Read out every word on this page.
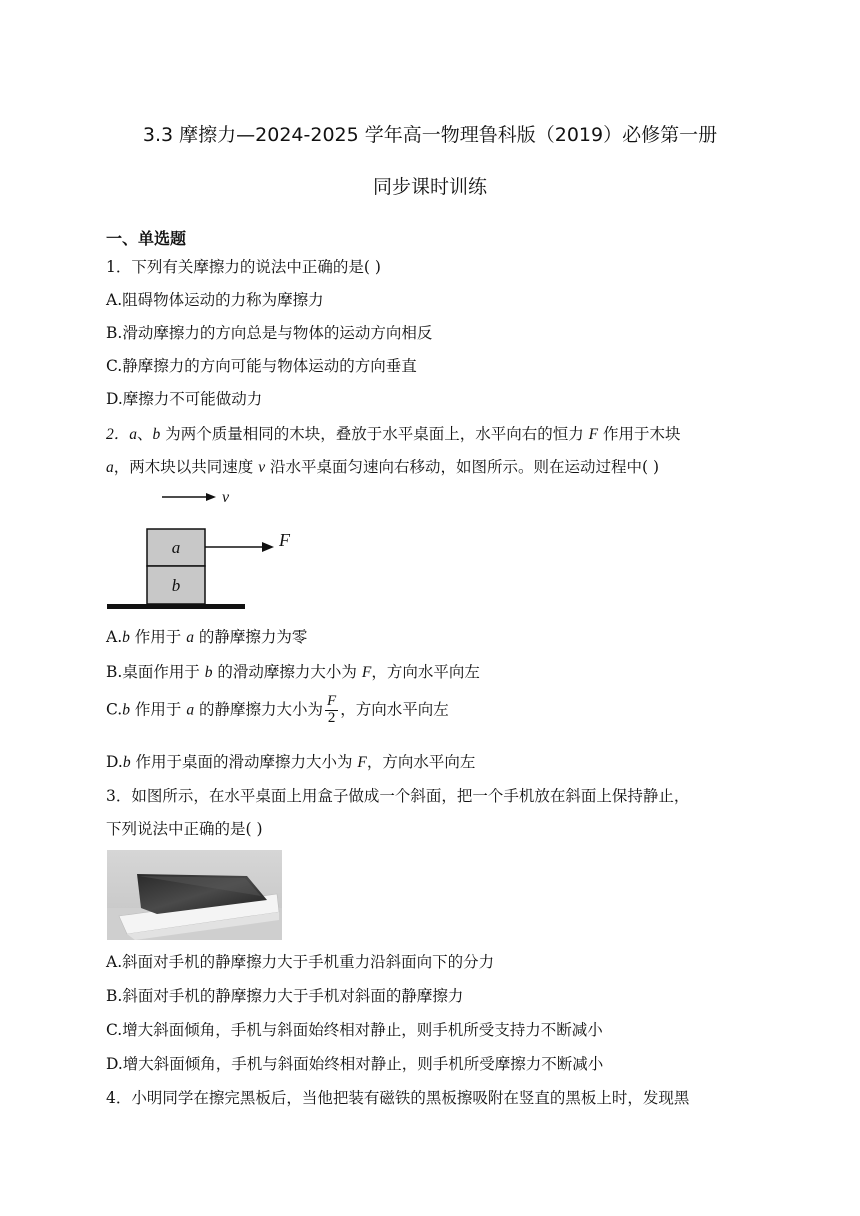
3.3 摩擦力—2024-2025 学年高一物理鲁科版（2019）必修第一册
同步课时训练
一、单选题
1．下列有关摩擦力的说法中正确的是( )
A.阻碍物体运动的力称为摩擦力
B.滑动摩擦力的方向总是与物体的运动方向相反
C.静摩擦力的方向可能与物体运动的方向垂直
D.摩擦力不可能做动力
2．a、b 为两个质量相同的木块，叠放于水平桌面上，水平向右的恒力 F 作用于木块
a，两木块以共同速度 v 沿水平桌面匀速向右移动，如图所示。则在运动过程中( )
v
a
b
F
A.b 作用于 a 的静摩擦力为零
B.桌面作用于 b 的滑动摩擦力大小为 F，方向水平向左
C.b 作用于 a 的静摩擦力大小为 $\frac{F}{2}$ ，方向水平向左
D.b 作用于桌面的滑动摩擦力大小为 F，方向水平向左
3．如图所示，在水平桌面上用盒子做成一个斜面，把一个手机放在斜面上保持静止，
下列说法中正确的是( )
A.斜面对手机的静摩擦力大于手机重力沿斜面向下的分力
B.斜面对手机的静摩擦力大于手机对斜面的静摩擦力
C.增大斜面倾角，手机与斜面始终相对静止，则手机所受支持力不断减小
D.增大斜面倾角，手机与斜面始终相对静止，则手机所受摩擦力不断减小
4．小明同学在擦完黑板后，当他把装有磁铁的黑板擦吸附在竖直的黑板上时，发现黑
